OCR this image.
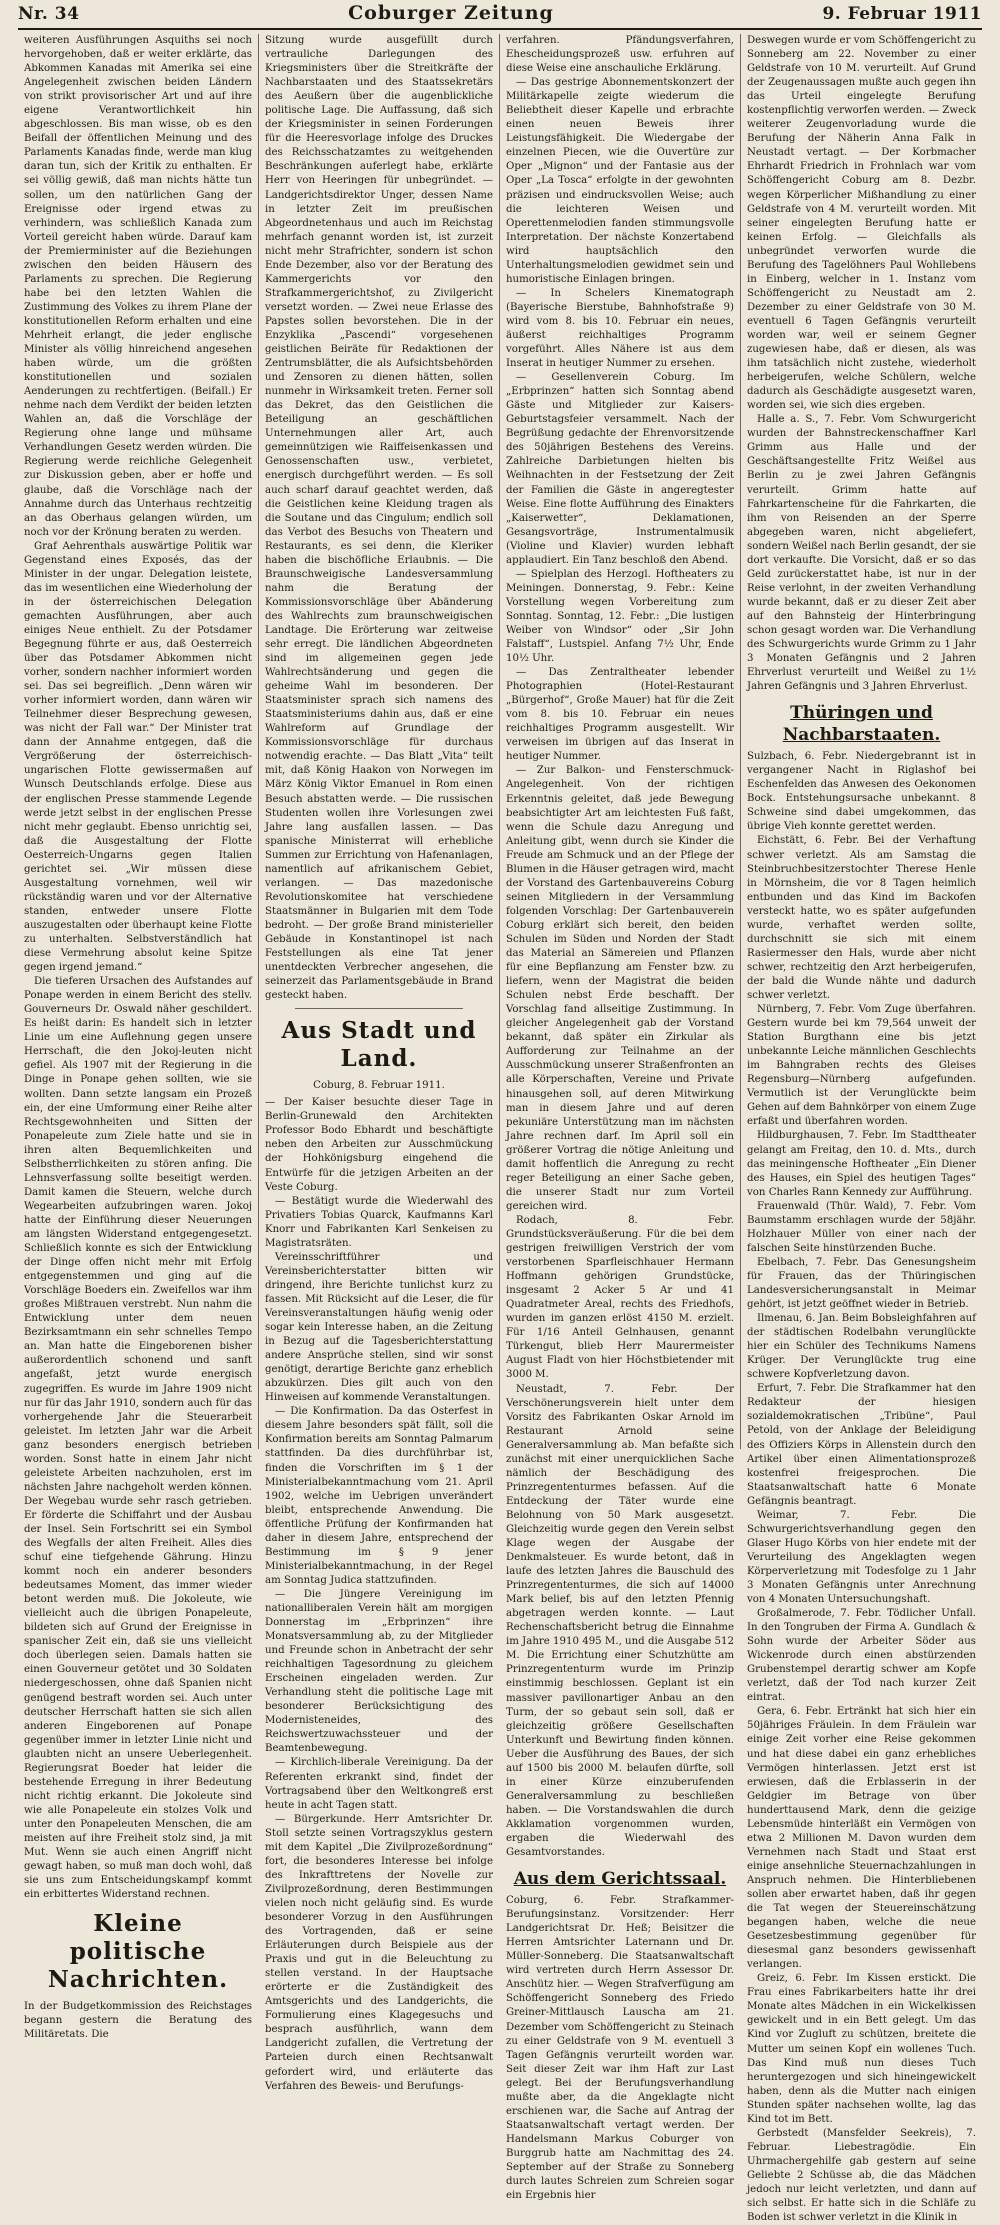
Nr. 34	Coburger Zeitung	9. Februar 1911

weiteren Ausführungen Asquiths sei noch hervorgehoben, daß er weiter erklärte, das Abkommen Kanadas mit Amerika sei eine Angelegenheit zwischen beiden Ländern von strikt provisorischer Art und auf ihre eigene Verantwortlichkeit hin abgeschlossen. Bis man wisse, ob es den Beifall der öffentlichen Meinung und des Parlaments Kanadas finde, werde man klug daran tun, sich der Kritik zu enthalten. Er sei völlig gewiß, daß man nichts hätte tun sollen, um den natürlichen Gang der Ereignisse oder irgend etwas zu verhindern, was schließlich Kanada zum Vorteil gereicht haben würde. Darauf kam der Premierminister auf die Beziehungen zwischen den beiden Häusern des Parlaments zu sprechen. Die Regierung habe bei den letzten Wahlen die Zustimmung des Volkes zu ihrem Plane der konstitutionellen Reform erhalten und eine Mehrheit erlangt, die jeder englische Minister als völlig hinreichend angesehen haben würde, um die größten konstitutionellen und sozialen Aenderungen zu rechtfertigen. (Beifall.) Er nehme nach dem Verdikt der beiden letzten Wahlen an, daß die Vorschläge der Regierung ohne lange und mühsame Verhandlungen Gesetz werden würden. Die Regierung werde reichliche Gelegenheit zur Diskussion geben, aber er hoffe und glaube, daß die Vorschläge nach der Annahme durch das Unterhaus rechtzeitig an das Oberhaus gelangen würden, um noch vor der Krönung beraten zu werden.

Graf Aehrenthals auswärtige Politik war Gegenstand eines Exposés, das der Minister in der ungar. Delegation leistete, das im wesentlichen eine Wiederholung der in der österreichischen Delegation gemachten Ausführungen, aber auch einiges Neue enthielt. Zu der Potsdamer Begegnung führte er aus, daß Oesterreich über das Potsdamer Abkommen nicht vorher, sondern nachher informiert worden sei. Das sei begreiflich. „Denn wären wir vorher informiert worden, dann wären wir Teilnehmer dieser Besprechung gewesen, was nicht der Fall war.“ Der Minister trat dann der Annahme entgegen, daß die Vergrößerung der österreichisch-ungarischen Flotte gewissermaßen auf Wunsch Deutschlands erfolge. Diese aus der englischen Presse stammende Legende werde jetzt selbst in der englischen Presse nicht mehr geglaubt. Ebenso unrichtig sei, daß die Ausgestaltung der Flotte Oesterreich-Ungarns gegen Italien gerichtet sei. „Wir müssen diese Ausgestaltung vornehmen, weil wir rückständig waren und vor der Alternative standen, entweder unsere Flotte auszugestalten oder überhaupt keine Flotte zu unterhalten. Selbstverständlich hat diese Vermehrung absolut keine Spitze gegen irgend jemand.“

Die tieferen Ursachen des Aufstandes auf Ponape werden in einem Bericht des stellv. Gouverneurs Dr. Oswald näher geschildert. Es heißt darin: Es handelt sich in letzter Linie um eine Auflehnung gegen unsere Herrschaft, die den Jokoj-leuten nicht gefiel. Als 1907 mit der Regierung in die Dinge in Ponape gehen sollten, wie sie wollten. Dann setzte langsam ein Prozeß ein, der eine Umformung einer Reihe alter Rechtsgewohnheiten und Sitten der Ponapeleute zum Ziele hatte und sie in ihren alten Bequemlichkeiten und Selbstherrlichkeiten zu stören anfing. Die Lehnsverfassung sollte beseitigt werden. Damit kamen die Steuern, welche durch Wegearbeiten aufzubringen waren. Jokoj hatte der Einführung dieser Neuerungen am längsten Widerstand entgegengesetzt. Schließlich konnte es sich der Entwicklung der Dinge offen nicht mehr mit Erfolg entgegenstemmen und ging auf die Vorschläge Boeders ein. Zweifellos war ihm großes Mißtrauen verstrebt. Nun nahm die Entwicklung unter dem neuen Bezirksamtmann ein sehr schnelles Tempo an. Man hatte die Eingeborenen bisher außerordentlich schonend und sanft angefaßt, jetzt wurde energisch zugegriffen. Es wurde im Jahre 1909 nicht nur für das Jahr 1910, sondern auch für das vorhergehende Jahr die Steuerarbeit geleistet. Im letzten Jahr war die Arbeit ganz besonders energisch betrieben worden. Sonst hatte in einem Jahr nicht geleistete Arbeiten nachzuholen, erst im nächsten Jahre nachgeholt werden können. Der Wegebau wurde sehr rasch getrieben. Er förderte die Schiffahrt und der Ausbau der Insel. Sein Fortschritt sei ein Symbol des Wegfalls der alten Freiheit. Alles dies schuf eine tiefgehende Gährung. Hinzu kommt noch ein anderer besonders bedeutsames Moment, das immer wieder betont werden muß. Die Jokoleute, wie vielleicht auch die übrigen Ponapeleute, bildeten sich auf Grund der Ereignisse in spanischer Zeit ein, daß sie uns vielleicht doch überlegen seien. Damals hatten sie einen Gouverneur getötet und 30 Soldaten niedergeschossen, ohne daß Spanien nicht genügend bestraft worden sei. Auch unter deutscher Herrschaft hatten sie sich allen anderen Eingeborenen auf Ponape gegenüber immer in letzter Linie nicht und glaubten nicht an unsere Ueberlegenheit. Regierungsrat Boeder hat leider die bestehende Erregung in ihrer Bedeutung nicht richtig erkannt. Die Jokoleute sind wie alle Ponapeleute ein stolzes Volk und unter den Ponapeleuten Menschen, die am meisten auf ihre Freiheit stolz sind, ja mit Mut. Wenn sie auch einen Angriff nicht gewagt haben, so muß man doch wohl, daß sie uns zum Entscheidungskampf kommt ein erbittertes Widerstand rechnen.

Kleine politische Nachrichten.

In der Budgetkommission des Reichstages begann gestern die Beratung des Militäretats. Die

Sitzung wurde ausgefüllt durch vertrauliche Darlegungen des Kriegsministers über die Streitkräfte der Nachbarstaaten und des Staatssekretärs des Aeußern über die augenblickliche politische Lage. Die Auffassung, daß sich der Kriegsminister in seinen Forderungen für die Heeresvorlage infolge des Druckes des Reichsschatzamtes zu weitgehenden Beschränkungen auferlegt habe, erklärte Herr von Heeringen für unbegründet. — Landgerichtsdirektor Unger, dessen Name in letzter Zeit im preußischen Abgeordnetenhaus und auch im Reichstag mehrfach genannt worden ist, ist zurzeit nicht mehr Strafrichter, sondern ist schon Ende Dezember, also vor der Beratung des Kammergerichts vor den Strafkammergerichtshof, zu Zivilgericht versetzt worden. — Zwei neue Erlasse des Papstes sollen bevorstehen. Die in der Enzyklika „Pascendi“ vorgesehenen geistlichen Beiräte für Redaktionen der Zentrumsblätter, die als Aufsichtsbehörden und Zensoren zu dienen hätten, sollen nunmehr in Wirksamkeit treten. Ferner soll das Dekret, das den Geistlichen die Beteiligung an geschäftlichen Unternehmungen aller Art, auch gemeinnützigen wie Raiffeisenkassen und Genossenschaften usw., verbietet, energisch durchgeführt werden. — Es soll auch scharf darauf geachtet werden, daß die Geistlichen keine Kleidung tragen als die Soutane und das Cingulum; endlich soll das Verbot des Besuchs von Theatern und Restaurants, es sei denn, die Kleriker haben die bischöfliche Erlaubnis. — Die Braunschweigische Landesversammlung nahm die Beratung der Kommissionsvorschläge über Abänderung des Wahlrechts zum braunschweigischen Landtage. Die Erörterung war zeitweise sehr erregt. Die ländlichen Abgeordneten sind im allgemeinen gegen jede Wahlrechtsänderung und gegen die geheime Wahl im besonderen. Der Staatsminister sprach sich namens des Staatsministeriums dahin aus, daß er eine Wahlreform auf Grundlage der Kommissionsvorschläge für durchaus notwendig erachte. — Das Blatt „Vita“ teilt mit, daß König Haakon von Norwegen im März König Viktor Emanuel in Rom einen Besuch abstatten werde. — Die russischen Studenten wollen ihre Vorlesungen zwei Jahre lang ausfallen lassen. — Das spanische Ministerrat will erhebliche Summen zur Errichtung von Hafenanlagen, namentlich auf afrikanischem Gebiet, verlangen. — Das mazedonische Revolutionskomitee hat verschiedene Staatsmänner in Bulgarien mit dem Tode bedroht. — Der große Brand ministerieller Gebäude in Konstantinopel ist nach Feststellungen als eine Tat jener unentdeckten Verbrecher angesehen, die seinerzeit das Parlamentsgebäude in Brand gesteckt haben.

Aus Stadt und Land.
Coburg, 8. Februar 1911.

— Der Kaiser besuchte dieser Tage in Berlin-Grunewald den Architekten Professor Bodo Ebhardt und beschäftigte neben den Arbeiten zur Ausschmückung der Hohkönigsburg eingehend die Entwürfe für die jetzigen Arbeiten an der Veste Coburg.

— Bestätigt wurde die Wiederwahl des Privatiers Tobias Quarck, Kaufmanns Karl Knorr und Fabrikanten Karl Senkeisen zu Magistratsräten.

Vereinsschriftführer und Vereinsberichterstatter bitten wir dringend, ihre Berichte tunlichst kurz zu fassen. Mit Rücksicht auf die Leser, die für Vereinsveranstaltungen häufig wenig oder sogar kein Interesse haben, an die Zeitung in Bezug auf die Tagesberichterstattung andere Ansprüche stellen, sind wir sonst genötigt, derartige Berichte ganz erheblich abzukürzen. Dies gilt auch von den Hinweisen auf kommende Veranstaltungen.

— Die Konfirmation. Da das Osterfest in diesem Jahre besonders spät fällt, soll die Konfirmation bereits am Sonntag Palmarum stattfinden. Da dies durchführbar ist, finden die Vorschriften im § 1 der Ministerialbekanntmachung vom 21. April 1902, welche im Uebrigen unverändert bleibt, entsprechende Anwendung. Die öffentliche Prüfung der Konfirmanden hat daher in diesem Jahre, entsprechend der Bestimmung im § 9 jener Ministerialbekanntmachung, in der Regel am Sonntag Judica stattzufinden.

— Die Jüngere Vereinigung im nationalliberalen Verein hält am morgigen Donnerstag im „Erbprinzen“ ihre Monatsversammlung ab, zu der Mitglieder und Freunde schon in Anbetracht der sehr reichhaltigen Tagesordnung zu gleichem Erscheinen eingeladen werden. Zur Verhandlung steht die politische Lage mit besonderer Berücksichtigung des Modernisteneides, des Reichswertzuwachssteuer und der Beamtenbewegung.

— Kirchlich-liberale Vereinigung. Da der Referenten erkrankt sind, findet der Vortragsabend über den Weltkongreß erst heute in acht Tagen statt.

— Bürgerkunde. Herr Amtsrichter Dr. Stoll setzte seinen Vortragszyklus gestern mit dem Kapitel „Die Zivilprozeßordnung“ fort, die besonderes Interesse bei infolge des Inkrafttretens der Novelle zur Zivilprozeßordnung, deren Bestimmungen vielen noch nicht geläufig sind. Es wurde besonderer Vorzug in den Ausführungen des Vortragenden, daß er seine Erläuterungen durch Beispiele aus der Praxis und gut in die Beleuchtung zu stellen verstand. In der Hauptsache erörterte er die Zuständigkeit des Amtsgerichts und des Landgerichts, die Formulierung eines Klagegesuchs und besprach ausführlich, wann dem Landgericht zufallen, die Vertretung der Parteien durch einen Rechtsanwalt gefordert wird, und erläuterte das Verfahren des Beweis- und Berufungs-

verfahren. Pfändungsverfahren, Ehescheidungsprozeß usw. erfuhren auf diese Weise eine anschauliche Erklärung.

— Das gestrige Abonnementskonzert der Militärkapelle zeigte wiederum die Beliebtheit dieser Kapelle und erbrachte einen neuen Beweis ihrer Leistungsfähigkeit. Die Wiedergabe der einzelnen Piecen, wie die Ouvertüre zur Oper „Mignon“ und der Fantasie aus der Oper „La Tosca“ erfolgte in der gewohnten präzisen und eindrucksvollen Weise; auch die leichteren Weisen und Operettenmelodien fanden stimmungsvolle Interpretation. Der nächste Konzertabend wird hauptsächlich den Unterhaltungsmelodien gewidmet sein und humoristische Einlagen bringen.

— In Schelers Kinematograph (Bayerische Bierstube, Bahnhofstraße 9) wird vom 8. bis 10. Februar ein neues, äußerst reichhaltiges Programm vorgeführt. Alles Nähere ist aus dem Inserat in heutiger Nummer zu ersehen.

— Gesellenverein Coburg. Im „Erbprinzen“ hatten sich Sonntag abend Gäste und Mitglieder zur Kaisers-Geburtstagsfeier versammelt. Nach der Begrüßung gedachte der Ehrenvorsitzende des 50jährigen Bestehens des Vereins. Zahlreiche Darbietungen hielten bis Weihnachten in der Festsetzung der Zeit der Familien die Gäste in angeregtester Weise. Eine flotte Aufführung des Einakters „Kaiserwetter“, Deklamationen, Gesangsvorträge, Instrumentalmusik (Violine und Klavier) wurden lebhaft applaudiert. Ein Tanz beschloß den Abend.

— Spielplan des Herzogl. Hoftheaters zu Meiningen. Donnerstag, 9. Febr.: Keine Vorstellung wegen Vorbereitung zum Sonntag. Sonntag, 12. Febr.: „Die lustigen Weiber von Windsor“ oder „Sir John Falstaff“, Lustspiel. Anfang 7½ Uhr, Ende 10½ Uhr.

— Das Zentraltheater lebender Photographien (Hotel-Restaurant „Bürgerhof“, Große Mauer) hat für die Zeit vom 8. bis 10. Februar ein neues reichhaltiges Programm ausgestellt. Wir verweisen im übrigen auf das Inserat in heutiger Nummer.

— Zur Balkon- und Fensterschmuck-Angelegenheit. Von der richtigen Erkenntnis geleitet, daß jede Bewegung beabsichtigter Art am leichtesten Fuß faßt, wenn die Schule dazu Anregung und Anleitung gibt, wenn durch sie Kinder die Freude am Schmuck und an der Pflege der Blumen in die Häuser getragen wird, macht der Vorstand des Gartenbauvereins Coburg seinen Mitgliedern in der Versammlung folgenden Vorschlag: Der Gartenbauverein Coburg erklärt sich bereit, den beiden Schulen im Süden und Norden der Stadt das Material an Sämereien und Pflanzen für eine Bepflanzung am Fenster bzw. zu liefern, wenn der Magistrat die beiden Schulen nebst Erde beschafft. Der Vorschlag fand allseitige Zustimmung. In gleicher Angelegenheit gab der Vorstand bekannt, daß später ein Zirkular als Aufforderung zur Teilnahme an der Ausschmückung unserer Straßenfronten an alle Körperschaften, Vereine und Private hinausgehen soll, auf deren Mitwirkung man in diesem Jahre und auf deren pekuniäre Unterstützung man im nächsten Jahre rechnen darf. Im April soll ein größerer Vortrag die nötige Anleitung und damit hoffentlich die Anregung zu recht reger Beteiligung an einer Sache geben, die unserer Stadt nur zum Vorteil gereichen wird.

Rodach, 8. Febr. Grundstücksveräußerung. Für die bei dem gestrigen freiwilligen Verstrich der vom verstorbenen Sparfleischhauer Hermann Hoffmann gehörigen Grundstücke, insgesamt 2 Acker 5 Ar und 41 Quadratmeter Areal, rechts des Friedhofs, wurden im ganzen erlöst 4150 M. erzielt. Für 1/16 Anteil Gelnhausen, genannt Türkengut, blieb Herr Maurermeister August Fladt von hier Höchstbietender mit 3000 M.

Neustadt, 7. Febr. Der Verschönerungsverein hielt unter dem Vorsitz des Fabrikanten Oskar Arnold im Restaurant Arnold seine Generalversammlung ab. Man befaßte sich zunächst mit einer unerquicklichen Sache nämlich der Beschädigung des Prinzregententurmes befassen. Auf die Entdeckung der Täter wurde eine Belohnung von 50 Mark ausgesetzt. Gleichzeitig wurde gegen den Verein selbst Klage wegen der Ausgabe der Denkmalsteuer. Es wurde betont, daß in laufe des letzten Jahres die Bauschuld des Prinzregententurmes, die sich auf 14000 Mark belief, bis auf den letzten Pfennig abgetragen werden konnte. — Laut Rechenschaftsbericht betrug die Einnahme im Jahre 1910 495 M., und die Ausgabe 512 M. Die Errichtung einer Schutzhütte am Prinzregententurm wurde im Prinzip einstimmig beschlossen. Geplant ist ein massiver pavillonartiger Anbau an den Turm, der so gebaut sein soll, daß er gleichzeitig größere Gesellschaften Unterkunft und Bewirtung finden können. Ueber die Ausführung des Baues, der sich auf 1500 bis 2000 M. belaufen dürfte, soll in einer Kürze einzuberufenden Generalversammlung zu beschließen haben. — Die Vorstandswahlen die durch Akklamation vorgenommen wurden, ergaben die Wiederwahl des Gesamtvorstandes.

Aus dem Gerichtssaal.

Coburg, 6. Febr. Strafkammer-Berufungsinstanz. Vorsitzender: Herr Landgerichtsrat Dr. Heß; Beisitzer die Herren Amtsrichter Laternann und Dr. Müller-Sonneberg. Die Staatsanwaltschaft wird vertreten durch Herrn Assessor Dr. Anschütz hier. — Wegen Strafverfügung am Schöffengericht Sonneberg des Friedo Greiner-Mittlausch Lauscha am 21. Dezember vom Schöffengericht zu Steinach zu einer Geldstrafe von 9 M. eventuell 3 Tagen Gefängnis verurteilt worden war. Seit dieser Zeit war ihm Haft zur Last gelegt. Bei der Berufungsverhandlung mußte aber, da die Angeklagte nicht erschienen war, die Sache auf Antrag der Staatsanwaltschaft vertagt werden. Der Handelsmann Markus Coburger von Burggrub hatte am Nachmittag des 24. September auf der Straße zu Sonneberg durch lautes Schreien zum Schreien sogar ein Ergebnis hier

Deswegen wurde er vom Schöffengericht zu Sonneberg am 22. November zu einer Geldstrafe von 10 M. verurteilt. Auf Grund der Zeugenaussagen mußte auch gegen ihn das Urteil eingelegte Berufung kostenpflichtig verworfen werden. — Zweck weiterer Zeugenvorladung wurde die Berufung der Näherin Anna Falk in Neustadt vertagt. — Der Korbmacher Ehrhardt Friedrich in Frohnlach war vom Schöffengericht Coburg am 8. Dezbr. wegen Körperlicher Mißhandlung zu einer Geldstrafe von 4 M. verurteilt worden. Mit seiner eingelegten Berufung hatte er keinen Erfolg. — Gleichfalls als unbegründet verworfen wurde die Berufung des Tagelöhners Paul Wohllebens in Einberg, welcher in 1. Instanz vom Schöffengericht zu Neustadt am 2. Dezember zu einer Geldstrafe von 30 M. eventuell 6 Tagen Gefängnis verurteilt worden war, weil er seinem Gegner zugewiesen habe, daß er diesen, als was ihm tatsächlich nicht zustehe, wiederholt herbeigerufen, welche Schülern, welche dadurch als Geschädigte ausgesetzt waren, worden sei, wie sich dies ergeben.

Halle a. S., 7. Febr. Vom Schwurgericht wurden der Bahnstreckenschaffner Karl Grimm aus Halle und der Geschäftsangestellte Fritz Weißel aus Berlin zu je zwei Jahren Gefängnis verurteilt. Grimm hatte auf Fahrkartenscheine für die Fahrkarten, die ihm von Reisenden an der Sperre abgegeben waren, nicht abgeliefert, sondern Weißel nach Berlin gesandt, der sie dort verkaufte. Die Vorsicht, daß er so das Geld zurückerstattet habe, ist nur in der Reise verlohnt, in der zweiten Verhandlung wurde bekannt, daß er zu dieser Zeit aber auf den Bahnsteig der Hinterbringung schon gesagt worden war. Die Verhandlung des Schwurgerichts wurde Grimm zu 1 Jahr 3 Monaten Gefängnis und 2 Jahren Ehrverlust verurteilt und Weißel zu 1½ Jahren Gefängnis und 3 Jahren Ehrverlust.

Thüringen und Nachbarstaaten.

Sulzbach, 6. Febr. Niedergebrannt ist in vergangener Nacht in Riglashof bei Eschenfelden das Anwesen des Oekonomen Bock. Entstehungsursache unbekannt. 8 Schweine sind dabei umgekommen, das übrige Vieh konnte gerettet werden.

Eichstätt, 6. Febr. Bei der Verhaftung schwer verletzt. Als am Samstag die Steinbruchbesitzerstochter Therese Henle in Mörnsheim, die vor 8 Tagen heimlich entbunden und das Kind im Backofen versteckt hatte, wo es später aufgefunden wurde, verhaftet werden sollte, durchschnitt sie sich mit einem Rasiermesser den Hals, wurde aber nicht schwer, rechtzeitig den Arzt herbeigerufen, der bald die Wunde nähte und dadurch schwer verletzt.

Nürnberg, 7. Febr. Vom Zuge überfahren. Gestern wurde bei km 79,564 unweit der Station Burgthann eine bis jetzt unbekannte Leiche männlichen Geschlechts im Bahngraben rechts des Gleises Regensburg—Nürnberg aufgefunden. Vermutlich ist der Verunglückte beim Gehen auf dem Bahnkörper von einem Zuge erfaßt und überfahren worden.

Hildburghausen, 7. Febr. Im Stadttheater gelangt am Freitag, den 10. d. Mts., durch das meiningensche Hoftheater „Ein Diener des Hauses, ein Spiel des heutigen Tages“ von Charles Rann Kennedy zur Aufführung.

Frauenwald (Thür. Wald), 7. Febr. Vom Baumstamm erschlagen wurde der 58jähr. Holzhauer Müller von einer nach der falschen Seite hinstürzenden Buche.

Ebelbach, 7. Febr. Das Genesungsheim für Frauen, das der Thüringischen Landesversicherungsanstalt in Meimar gehört, ist jetzt geöffnet wieder in Betrieb.

Ilmenau, 6. Jan. Beim Bobsleighfahren auf der städtischen Rodelbahn verunglückte hier ein Schüler des Technikums Namens Krüger. Der Verunglückte trug eine schwere Kopfverletzung davon.

Erfurt, 7. Febr. Die Strafkammer hat den Redakteur der hiesigen sozialdemokratischen „Tribüne“, Paul Petold, von der Anklage der Beleidigung des Offiziers Körps in Allenstein durch den Artikel über einen Alimentationsprozeß kostenfrei freigesprochen. Die Staatsanwaltschaft hatte 6 Monate Gefängnis beantragt.

Weimar, 7. Febr. Die Schwurgerichtsverhandlung gegen den Glaser Hugo Körbs von hier endete mit der Verurteilung des Angeklagten wegen Körperverletzung mit Todesfolge zu 1 Jahr 3 Monaten Gefängnis unter Anrechnung von 4 Monaten Untersuchungshaft.

Großalmerode, 7. Febr. Tödlicher Unfall. In den Tongruben der Firma A. Gundlach & Sohn wurde der Arbeiter Söder aus Wickenrode durch einen abstürzenden Grubenstempel derartig schwer am Kopfe verletzt, daß der Tod nach kurzer Zeit eintrat.

Gera, 6. Febr. Ertränkt hat sich hier ein 50jähriges Fräulein. In dem Fräulein war einige Zeit vorher eine Reise gekommen und hat diese dabei ein ganz erhebliches Vermögen hinterlassen. Jetzt erst ist erwiesen, daß die Erblasserin in der Geldgier im Betrage von über hunderttausend Mark, denn die geizige Lebensmüde hinterläßt ein Vermögen von etwa 2 Millionen M. Davon wurden dem Vernehmen nach Stadt und Staat erst einige ansehnliche Steuernachzahlungen in Anspruch nehmen. Die Hinterbliebenen sollen aber erwartet haben, daß ihr gegen die Tat wegen der Steuereinschätzung begangen haben, welche die neue Gesetzesbestimmung gegenüber für diesesmal ganz besonders gewissenhaft verlangen.

Greiz, 6. Febr. Im Kissen erstickt. Die Frau eines Fabrikarbeiters hatte ihr drei Monate altes Mädchen in ein Wickelkissen gewickelt und in ein Bett gelegt. Um das Kind vor Zugluft zu schützen, breitete die Mutter um seinen Kopf ein wollenes Tuch. Das Kind muß nun dieses Tuch heruntergezogen und sich hineingewickelt haben, denn als die Mutter nach einigen Stunden später nachsehen wollte, lag das Kind tot im Bett.

Gerbstedt (Mansfelder Seekreis), 7. Februar. Liebestragödie. Ein Uhrmachergehilfe gab gestern auf seine Geliebte 2 Schüsse ab, die das Mädchen jedoch nur leicht verletzten, und dann auf sich selbst. Er hatte sich in die Schläfe zu Boden ist schwer verletzt in die Klinik in
